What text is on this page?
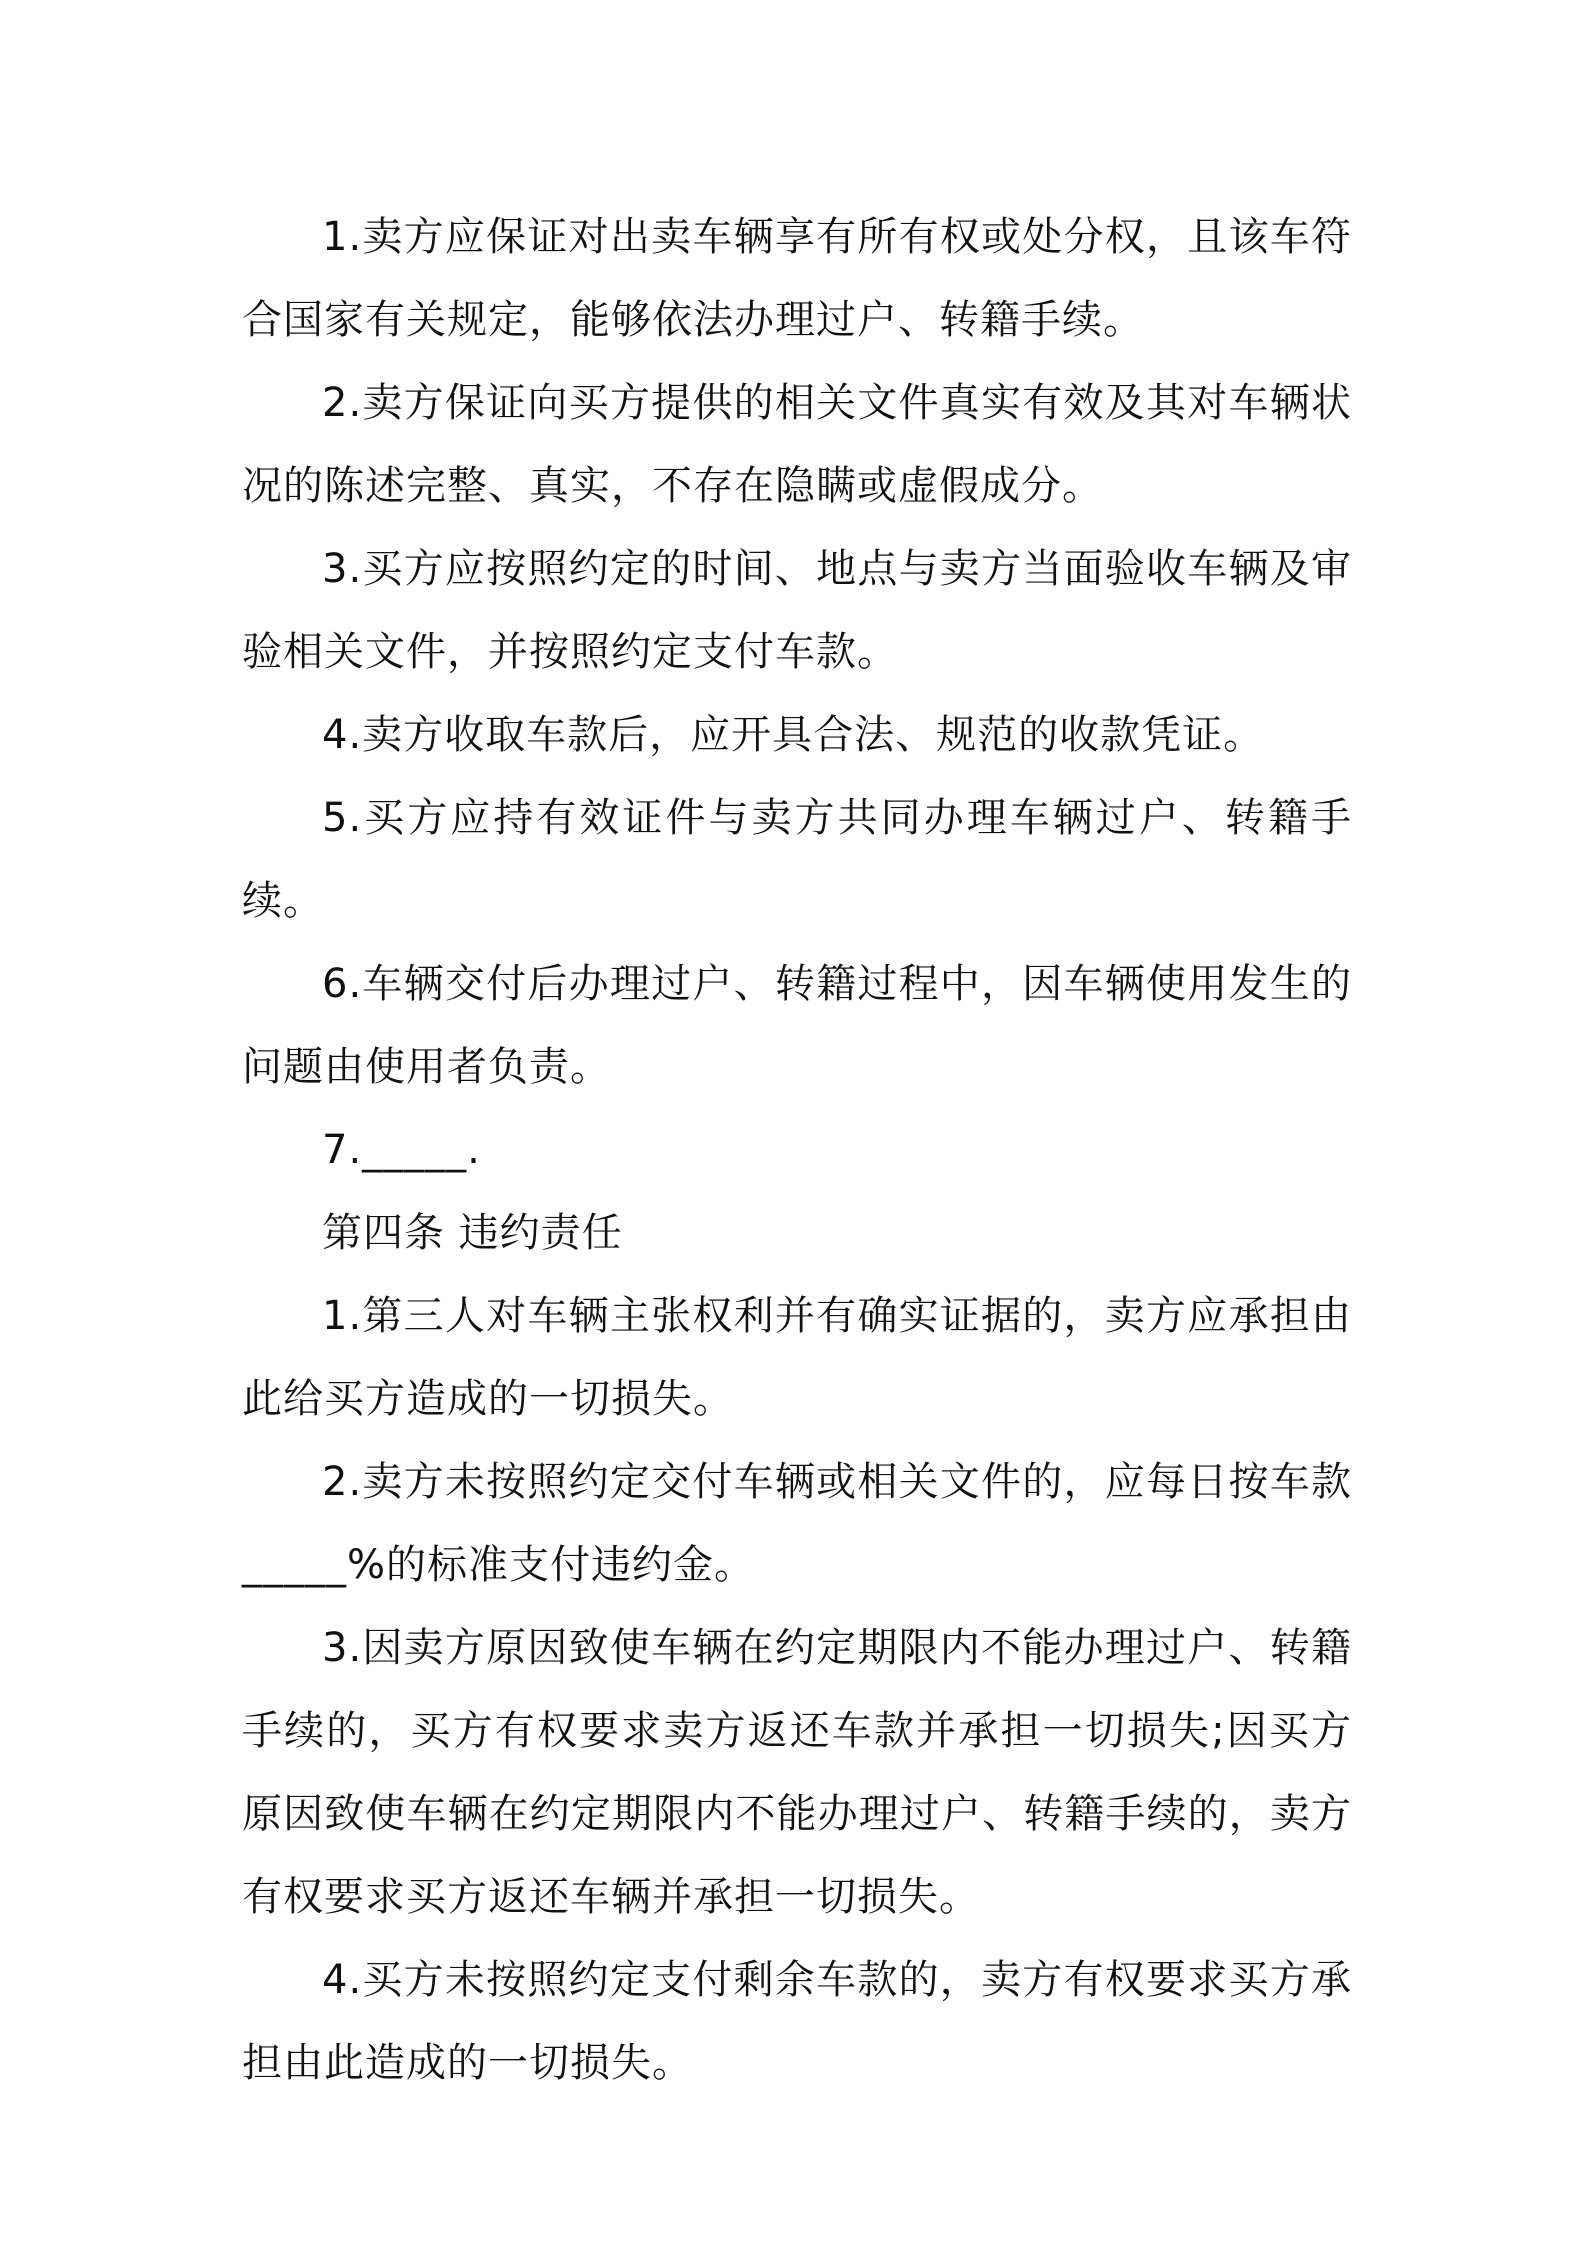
1.卖方应保证对出卖车辆享有所有权或处分权，且该车符合国家有关规定，能够依法办理过户、转籍手续。

2.卖方保证向买方提供的相关文件真实有效及其对车辆状况的陈述完整、真实，不存在隐瞒或虚假成分。

3.买方应按照约定的时间、地点与卖方当面验收车辆及审验相关文件，并按照约定支付车款。

4.卖方收取车款后，应开具合法、规范的收款凭证。

5.买方应持有效证件与卖方共同办理车辆过户、转籍手续。

6.车辆交付后办理过户、转籍过程中，因车辆使用发生的问题由使用者负责。

7._____.

第四条 违约责任

1.第三人对车辆主张权利并有确实证据的，卖方应承担由此给买方造成的一切损失。

2.卖方未按照约定交付车辆或相关文件的，应每日按车款_____%的标准支付违约金。

3.因卖方原因致使车辆在约定期限内不能办理过户、转籍手续的，买方有权要求卖方返还车款并承担一切损失;因买方原因致使车辆在约定期限内不能办理过户、转籍手续的，卖方有权要求买方返还车辆并承担一切损失。

4.买方未按照约定支付剩余车款的，卖方有权要求买方承担由此造成的一切损失。
